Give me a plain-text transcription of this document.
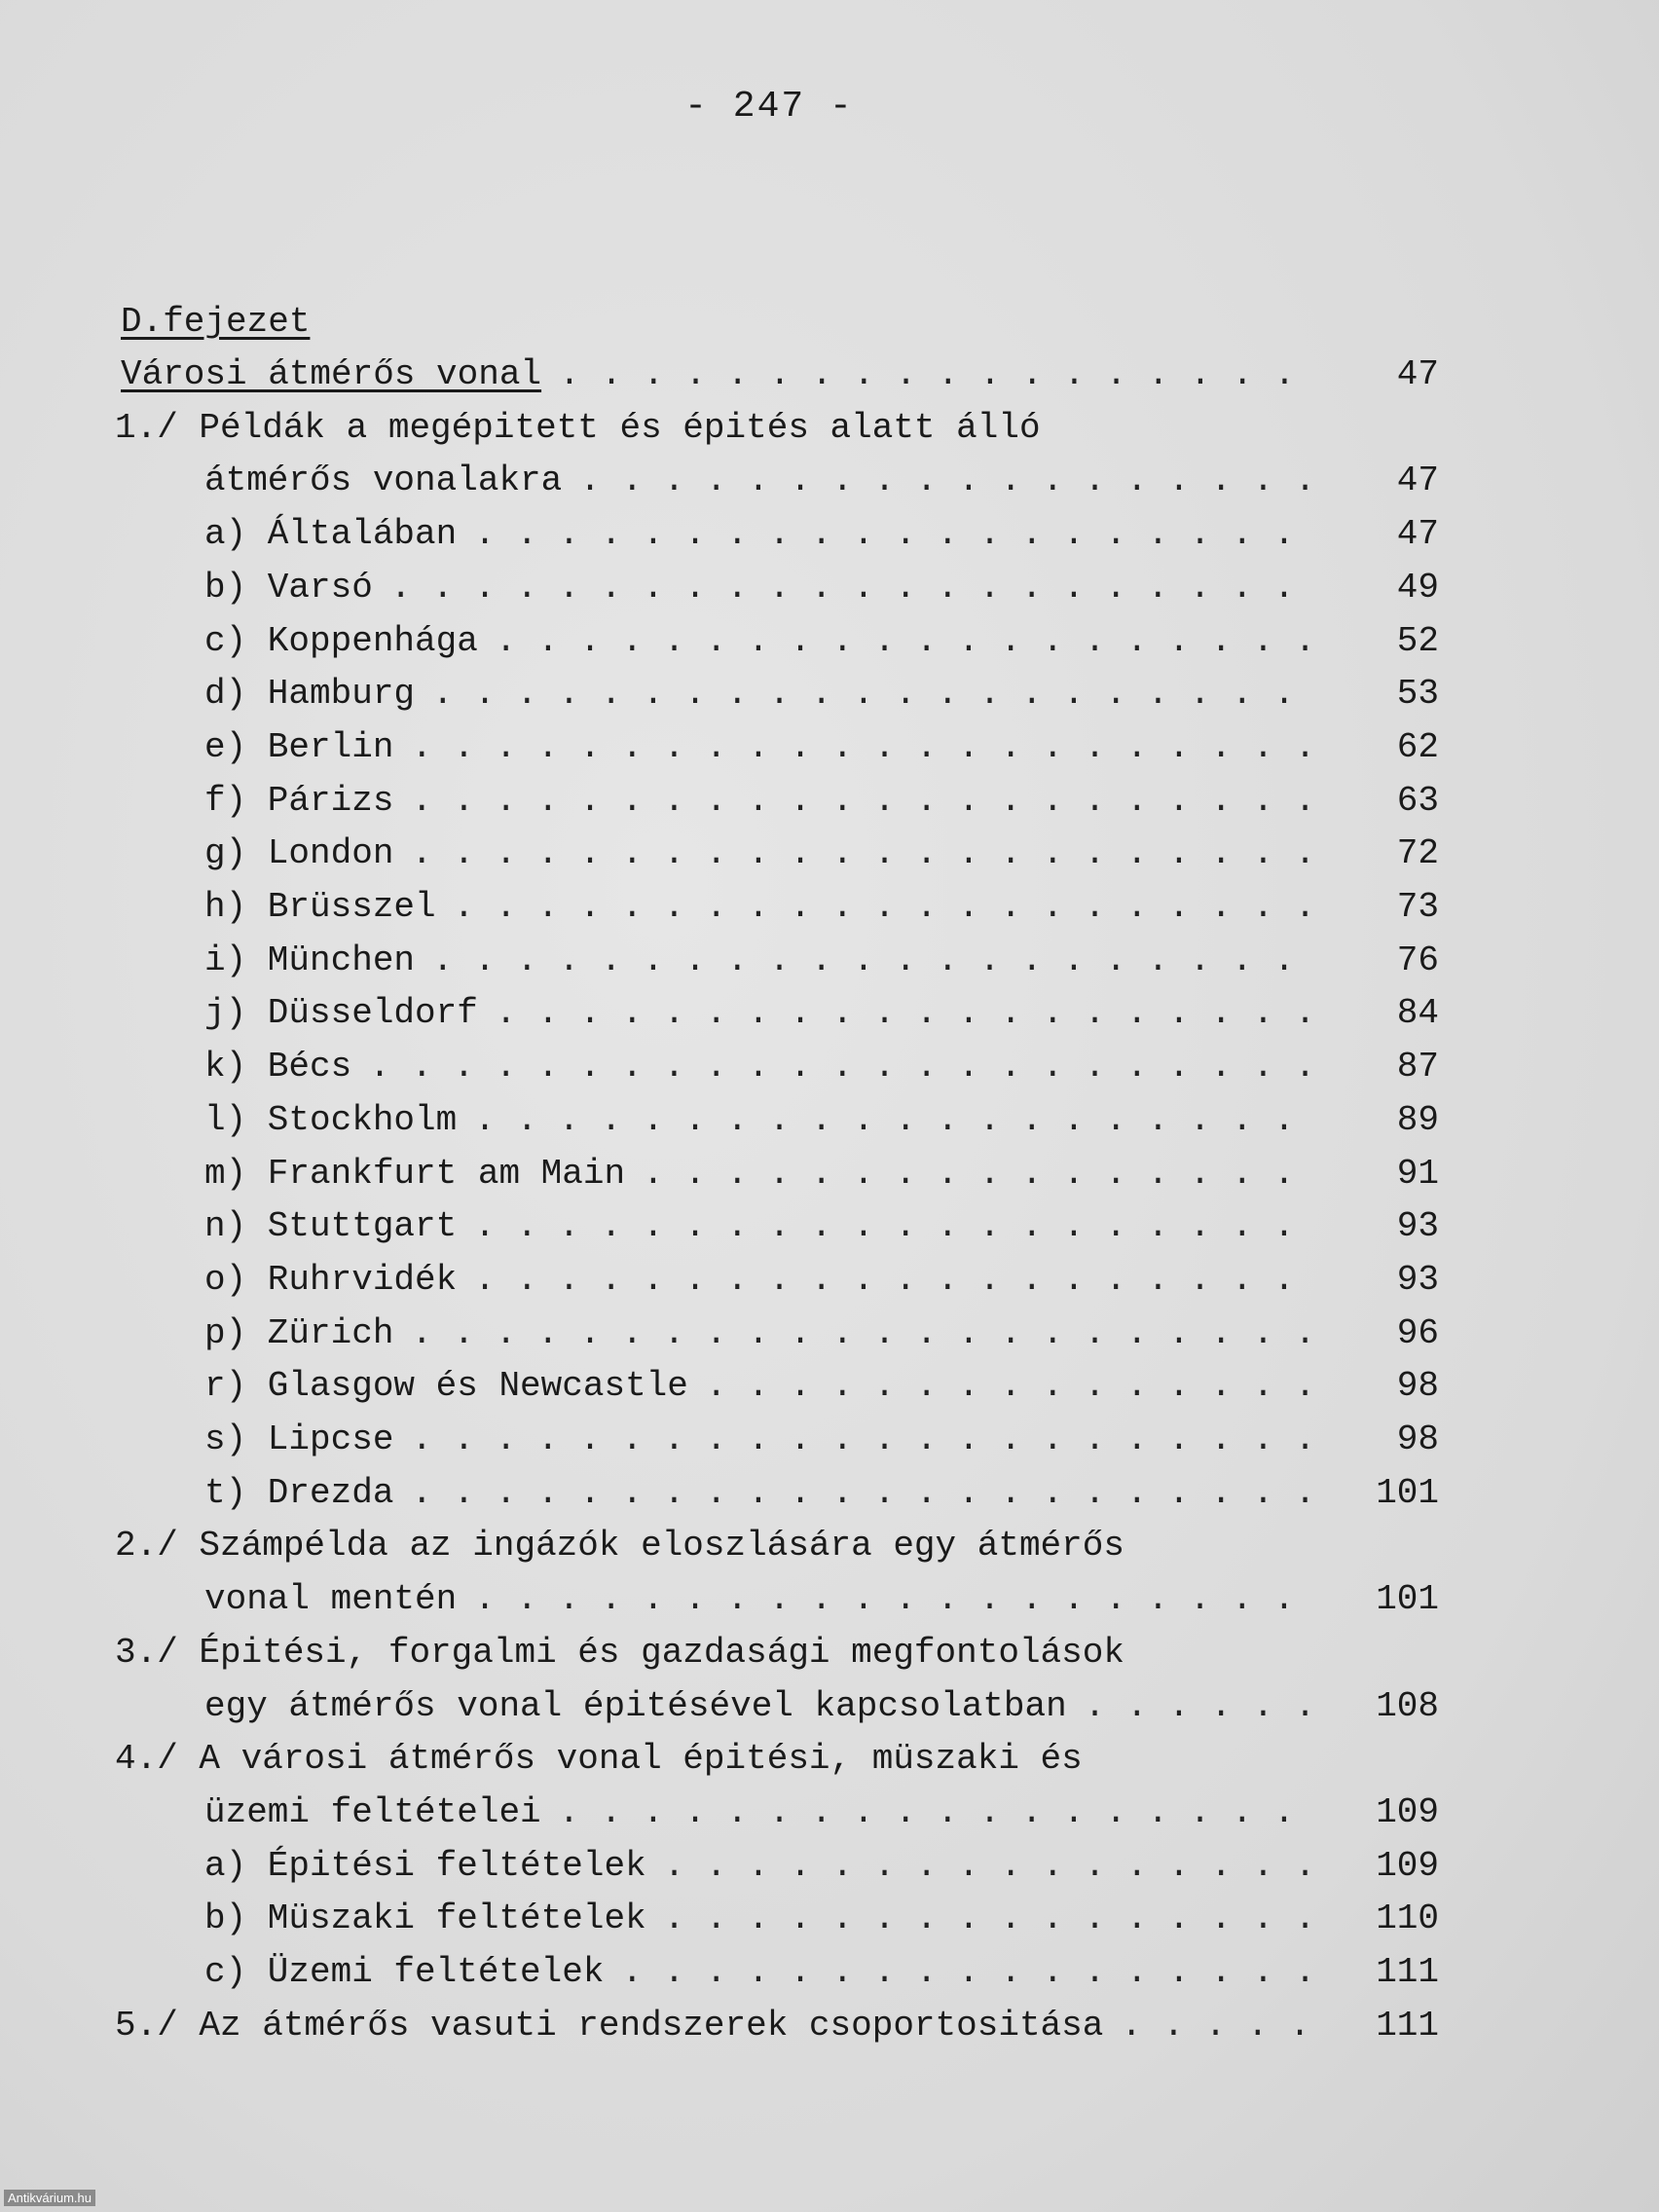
- 247 -

D.fejezet

Városi átmérős vonal . . . . . . . . . . . . . . . . . .	47
1./ Példák a megépitett és épités alatt álló
átmérős vonalakra . . . . . . . . . . . . . . . . . .	47
a) Általában . . . . . . . . . . . . . . . . . . . .	47
b) Varsó . . . . . . . . . . . . . . . . . . . . . .	49
c) Koppenhága . . . . . . . . . . . . . . . . . . . .	52
d) Hamburg . . . . . . . . . . . . . . . . . . . . .	53
e) Berlin . . . . . . . . . . . . . . . . . . . . . .	62
f) Párizs . . . . . . . . . . . . . . . . . . . . . .	63
g) London . . . . . . . . . . . . . . . . . . . . . .	72
h) Brüsszel . . . . . . . . . . . . . . . . . . . . .	73
i) München . . . . . . . . . . . . . . . . . . . . .	76
j) Düsseldorf . . . . . . . . . . . . . . . . . . . .	84
k) Bécs . . . . . . . . . . . . . . . . . . . . . . .	87
l) Stockholm . . . . . . . . . . . . . . . . . . . .	89
m) Frankfurt am Main . . . . . . . . . . . . . . . .	91
n) Stuttgart . . . . . . . . . . . . . . . . . . . .	93
o) Ruhrvidék . . . . . . . . . . . . . . . . . . . .	93
p) Zürich . . . . . . . . . . . . . . . . . . . . . .	96
r) Glasgow és Newcastle . . . . . . . . . . . . . . .	98
s) Lipcse . . . . . . . . . . . . . . . . . . . . . .	98
t) Drezda . . . . . . . . . . . . . . . . . . . . . .	101
2./ Számpélda az ingázók eloszlására egy átmérős
vonal mentén . . . . . . . . . . . . . . . . . . . .	101
3./ Épitési, forgalmi és gazdasági megfontolások
egy átmérős vonal épitésével kapcsolatban . . . . . .	108
4./ A városi átmérős vonal épitési, müszaki és
üzemi feltételei . . . . . . . . . . . . . . . . . .	109
a) Épitési feltételek . . . . . . . . . . . . . . . .	109
b) Müszaki feltételek . . . . . . . . . . . . . . . .	110
c) Üzemi feltételek . . . . . . . . . . . . . . . . .	111
5./ Az átmérős vasuti rendszerek csoportositása . . . . .	111
Antikvárium.hu
